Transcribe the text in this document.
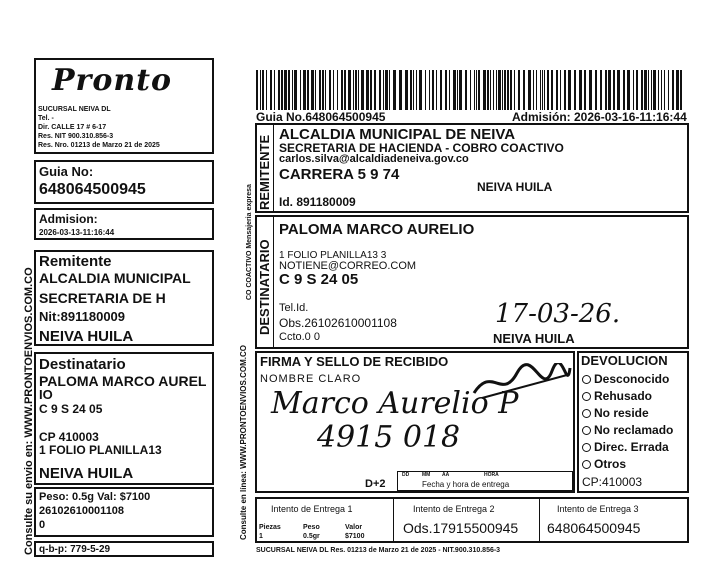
Consulte su envio en: WWW.PRONTOENVIOS.COM.CO
Pronto
SUCURSAL NEIVA DL
Tel. -
Dir. CALLE 17 # 6-17
Res. NIT 900.310.856-3
Res. Nro. 01213 de Marzo 21 de 2025
Guia No:
648064500945
Admision:
2026-03-13-11:16:44
Remitente
ALCALDIA MUNICIPAL
SECRETARIA DE H
Nit:891180009
NEIVA HUILA
Destinatario
PALOMA MARCO AUREL
IO
C 9 S 24 05
CP 410003
1 FOLIO PLANILLA13
NEIVA HUILA
Peso: 0.5g Val: $7100
26102610001108
0
q-b-p: 779-5-29
Guia No.648064500945	Admisión: 2026-03-16-11:16:44
Consulte en línea: WWW.PRONTOENVIOS.COM.CO
REMITENTE
ALCALDIA MUNICIPAL DE NEIVA
SECRETARIA DE HACIENDA - COBRO COACTIVO
carlos.silva@alcaldiadeneiva.gov.co
CARRERA 5 9 74
NEIVA HUILA
Id. 891180009
DESTINATARIO
PALOMA MARCO AURELIO
1 FOLIO PLANILLA13 3
NOTIENE@CORREO.COM
C 9 S 24 05
Tel.Id.
Obs.26102610001108
Ccto.0 0	NEIVA HUILA
17-03-26.
CO COACTIVO Mensajeria expresa
FIRMA Y SELLO DE RECIBIDO
NOMBRE CLARO
Marco Aurelio P
4915 018
D+2
DD	MM AA	HORA
Fecha y hora de entrega
DEVOLUCION
Desconocido
Rehusado
No reside
No reclamado
Direc. Errada
Otros
CP:410003
Intento de Entrega 1	Intento de Entrega 2	Intento de Entrega 3
Piezas	Peso	Valor
1	0.5gr	$7100
Ods.17915500945 648064500945
SUCURSAL NEIVA DL Res. 01213 de Marzo 21 de 2025 - NIT.900.310.856-3
